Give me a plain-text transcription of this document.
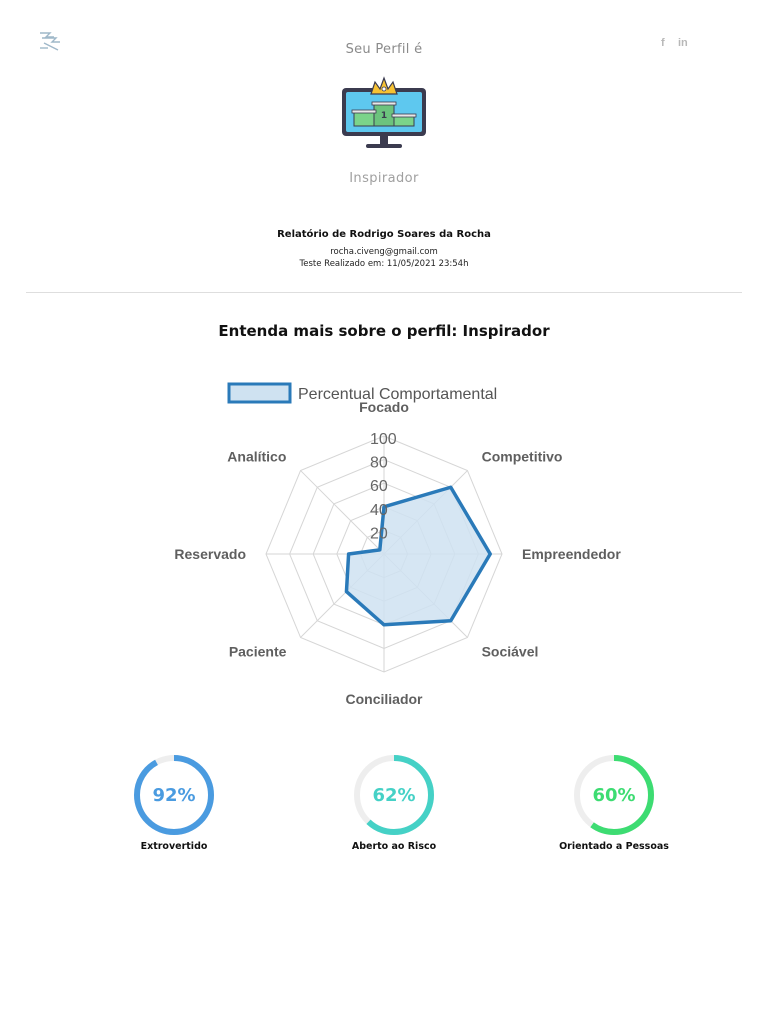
f in
Seu Perfil é
1
Inspirador
Relatório de Rodrigo Soares da Rocha
rocha.civeng@gmail.com
Teste Realizado em: 11/05/2021 23:54h
Entenda mais sobre o perfil: Inspirador
Percentual Comportamental
20
40
60
80
100
Focado
Competitivo
Empreendedor
Sociável
Conciliador
Paciente
Reservado
Analítico
92%
Extrovertido
62%
Aberto ao Risco
60%
Orientado a Pessoas
